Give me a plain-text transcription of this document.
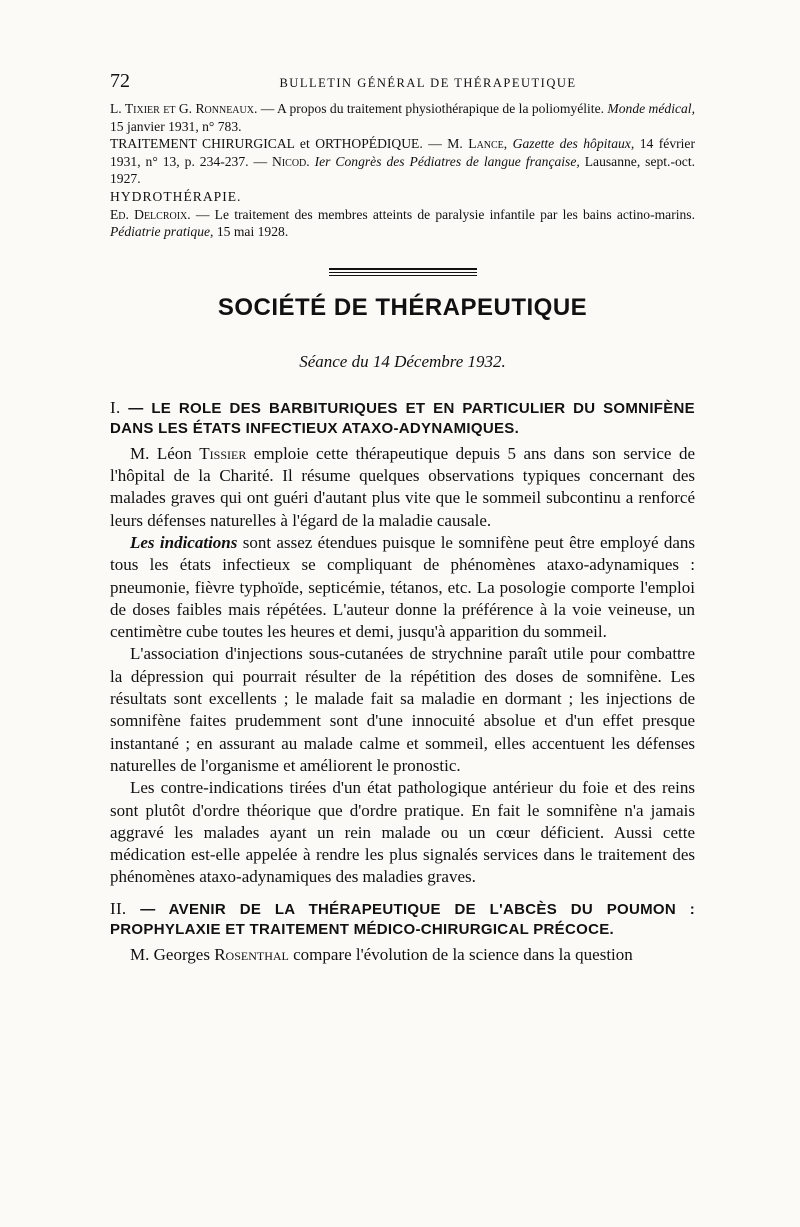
72	BULLETIN GÉNÉRAL DE THÉRAPEUTIQUE

L. Tixier et G. Ronneaux. — A propos du traitement physiothérapique de la poliomyélite. Monde médical, 15 janvier 1931, n° 783.

TRAITEMENT CHIRURGICAL et ORTHOPÉDIQUE. — M. Lance, Gazette des hôpitaux, 14 février 1931, n° 13, p. 234-237. — Nicod. Ier Congrès des Pédiatres de langue française, Lausanne, sept.-oct. 1927.

HYDROTHÉRAPIE.

Ed. Delcroix. — Le traitement des membres atteints de paralysie infantile par les bains actino-marins. Pédiatrie pratique, 15 mai 1928.

SOCIÉTÉ DE THÉRAPEUTIQUE

Séance du 14 Décembre 1932.

I. — LE ROLE DES BARBITURIQUES ET EN PARTICULIER DU SOMNIFÈNE DANS LES ÉTATS INFECTIEUX ATAXO-ADYNAMIQUES.

M. Léon Tissier emploie cette thérapeutique depuis 5 ans dans son service de l'hôpital de la Charité. Il résume quelques observations typiques concernant des malades graves qui ont guéri d'autant plus vite que le sommeil subcontinu a renforcé leurs défenses naturelles à l'égard de la maladie causale.

Les indications sont assez étendues puisque le somnifène peut être employé dans tous les états infectieux se compliquant de phénomènes ataxo-adynamiques : pneumonie, fièvre typhoïde, septicémie, tétanos, etc. La posologie comporte l'emploi de doses faibles mais répétées. L'auteur donne la préférence à la voie veineuse, un centimètre cube toutes les heures et demi, jusqu'à apparition du sommeil.

L'association d'injections sous-cutanées de strychnine paraît utile pour combattre la dépression qui pourrait résulter de la répétition des doses de somnifène. Les résultats sont excellents ; le malade fait sa maladie en dormant ; les injections de somnifène faites prudemment sont d'une innocuité absolue et d'un effet presque instantané ; en assurant au malade calme et sommeil, elles accentuent les défenses naturelles de l'organisme et améliorent le pronostic.

Les contre-indications tirées d'un état pathologique antérieur du foie et des reins sont plutôt d'ordre théorique que d'ordre pratique. En fait le somnifène n'a jamais aggravé les malades ayant un rein malade ou un cœur déficient. Aussi cette médication est-elle appelée à rendre les plus signalés services dans le traitement des phénomènes ataxo-adynamiques des maladies graves.

II. — AVENIR DE LA THÉRAPEUTIQUE DE L'ABCÈS DU POUMON : PROPHYLAXIE ET TRAITEMENT MÉDICO-CHIRURGICAL PRÉCOCE.

M. Georges Rosenthal compare l'évolution de la science dans la question
